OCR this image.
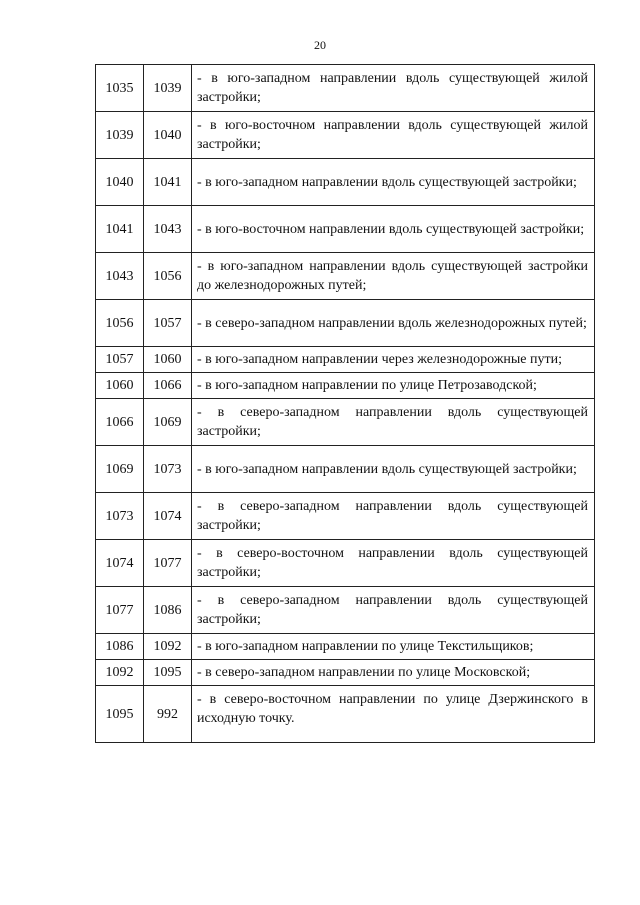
20
1035	1039	- в юго-западном направлении вдоль существующей жилой застройки;
1039	1040	- в юго-восточном направлении вдоль существующей жилой застройки;
1040	1041	- в юго-западном направлении вдоль существующей застройки;
1041	1043	- в юго-восточном направлении вдоль существующей застройки;
1043	1056	- в юго-западном направлении вдоль существующей застройки до железнодорожных путей;
1056	1057	- в северо-западном направлении вдоль железнодорожных путей;
1057	1060	- в юго-западном направлении через железнодорожные пути;
1060	1066	- в юго-западном направлении по улице Петрозаводской;
1066	1069	- в северо-западном направлении вдоль существующей застройки;
1069	1073	- в юго-западном направлении вдоль существующей застройки;
1073	1074	- в северо-западном направлении вдоль существующей застройки;
1074	1077	- в северо-восточном направлении вдоль существующей застройки;
1077	1086	- в северо-западном направлении вдоль существующей застройки;
1086	1092	- в юго-западном направлении по улице Текстильщиков;
1092	1095	- в северо-западном направлении по улице Московской;
1095	992	- в северо-восточном направлении по улице Дзержинского в исходную точку.
